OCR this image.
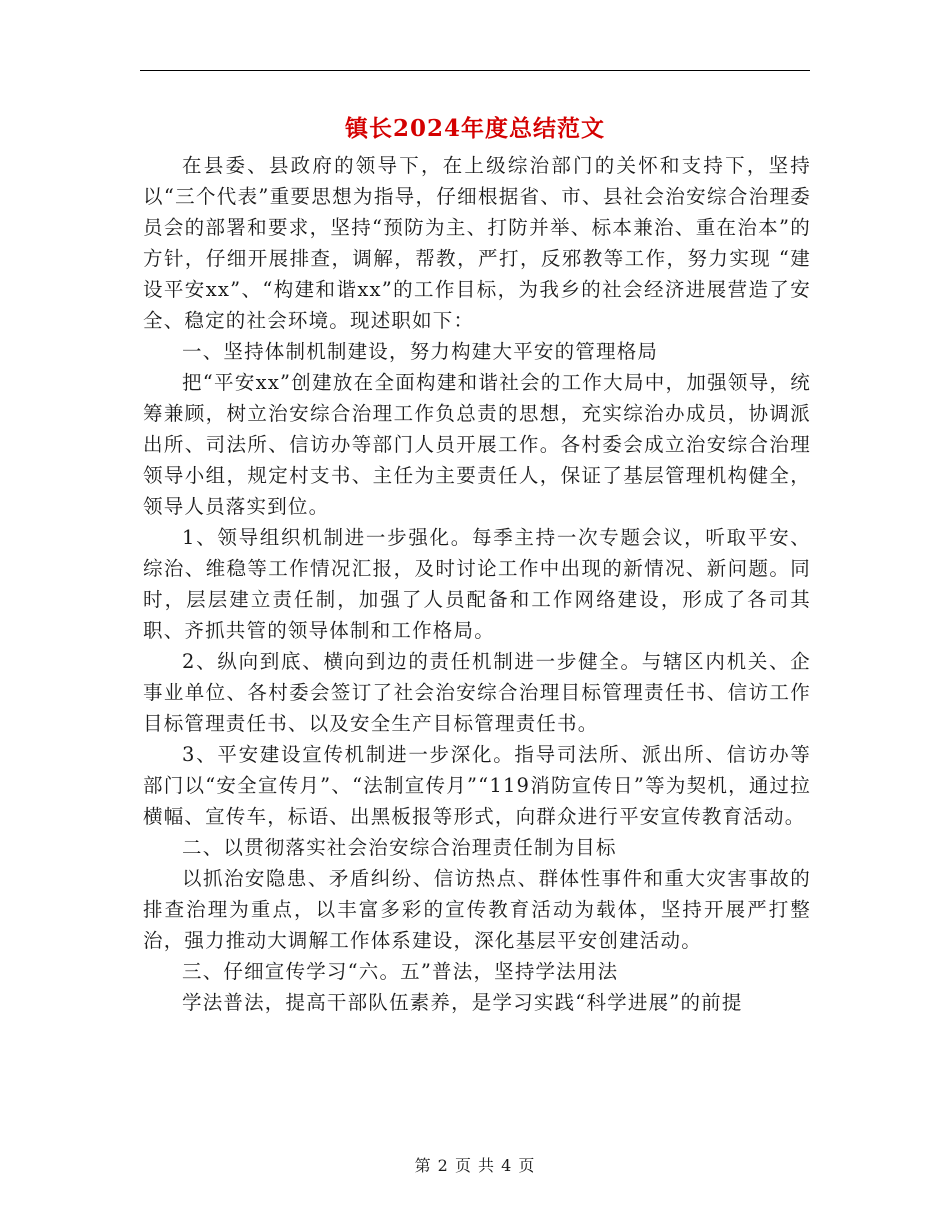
镇长2024年度总结范文

在县委、县政府的领导下，在上级综治部门的关怀和支持下，坚持以“三个代表”重要思想为指导，仔细根据省、市、县社会治安综合治理委员会的部署和要求，坚持“预防为主、打防并举、标本兼治、重在治本”的方针，仔细开展排查，调解，帮教，严打，反邪教等工作，努力实现 “建设平安xx”、“构建和谐xx”的工作目标，为我乡的社会经济进展营造了安全、稳定的社会环境。现述职如下：

一、坚持体制机制建设，努力构建大平安的管理格局

把“平安xx”创建放在全面构建和谐社会的工作大局中，加强领导，统筹兼顾，树立治安综合治理工作负总责的思想，充实综治办成员，协调派出所、司法所、信访办等部门人员开展工作。各村委会成立治安综合治理领导小组，规定村支书、主任为主要责任人，保证了基层管理机构健全，领导人员落实到位。

1、领导组织机制进一步强化。每季主持一次专题会议，听取平安、综治、维稳等工作情况汇报，及时讨论工作中出现的新情况、新问题。同时，层层建立责任制，加强了人员配备和工作网络建设，形成了各司其职、齐抓共管的领导体制和工作格局。

2、纵向到底、横向到边的责任机制进一步健全。与辖区内机关、企事业单位、各村委会签订了社会治安综合治理目标管理责任书、信访工作目标管理责任书、以及安全生产目标管理责任书。

3、平安建设宣传机制进一步深化。指导司法所、派出所、信访办等部门以“安全宣传月”、“法制宣传月”“119消防宣传日”等为契机，通过拉横幅、宣传车，标语、出黑板报等形式，向群众进行平安宣传教育活动。

二、以贯彻落实社会治安综合治理责任制为目标

以抓治安隐患、矛盾纠纷、信访热点、群体性事件和重大灾害事故的排查治理为重点，以丰富多彩的宣传教育活动为载体，坚持开展严打整治，强力推动大调解工作体系建设，深化基层平安创建活动。

三、仔细宣传学习“六。五”普法，坚持学法用法

学法普法，提高干部队伍素养，是学习实践“科学进展”的前提

第 2 页 共 4 页
